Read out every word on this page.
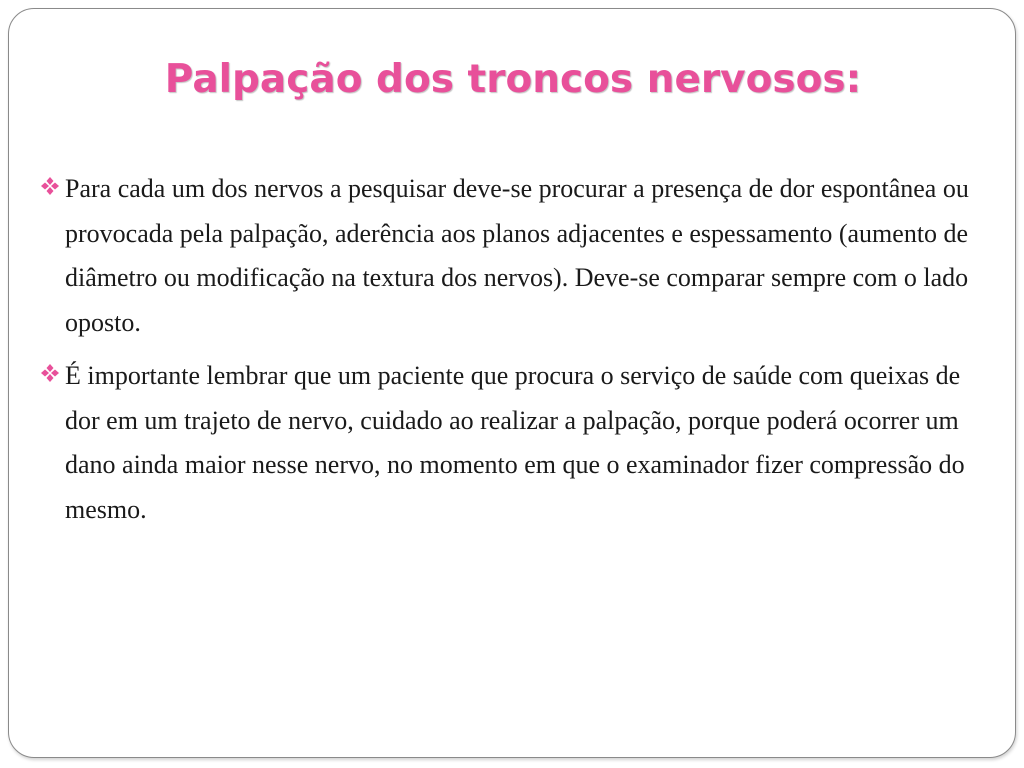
Palpação dos troncos nervosos:

Para cada um dos nervos a pesquisar deve-se procurar a presença de dor espontânea ou provocada pela palpação, aderência aos planos adjacentes e espessamento (aumento de diâmetro ou modificação na textura dos nervos). Deve-se comparar sempre com o lado oposto.

É importante lembrar que um paciente que procura o serviço de saúde com queixas de dor em um trajeto de nervo, cuidado ao realizar a palpação, porque poderá ocorrer um dano ainda maior nesse nervo, no momento em que o examinador fizer compressão do mesmo.
